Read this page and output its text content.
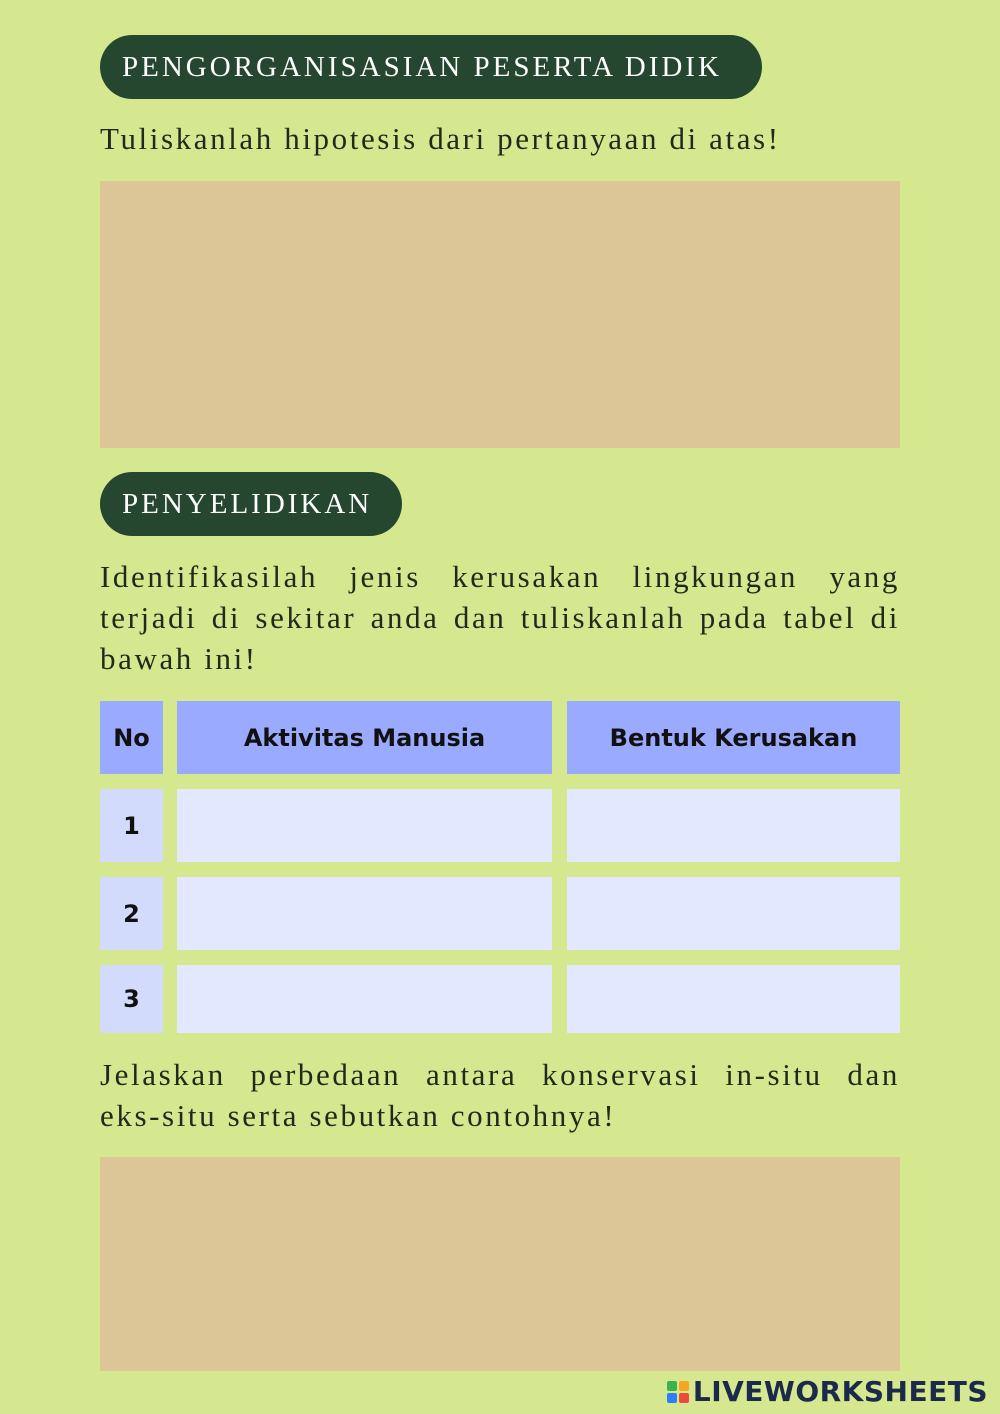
PENGORGANISASIAN PESERTA DIDIK
Tuliskanlah hipotesis dari pertanyaan di atas!
PENYELIDIKAN
Identifikasilah jenis kerusakan lingkungan yang
terjadi di sekitar anda dan tuliskanlah pada tabel di
bawah ini!
No	Aktivitas Manusia	Bentuk Kerusakan
1
2
3
Jelaskan perbedaan antara konservasi in-situ dan
eks-situ serta sebutkan contohnya!
LIVEWORKSHEETS
